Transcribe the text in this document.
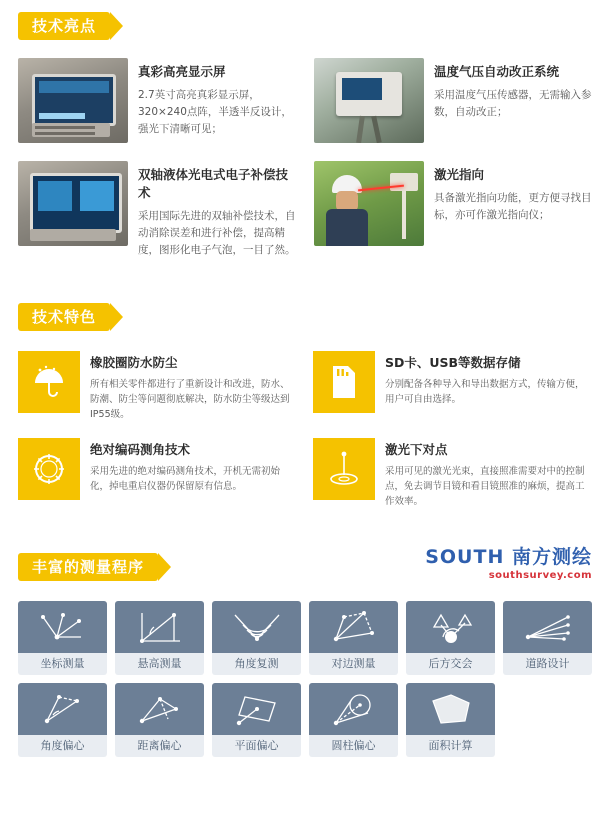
技术亮点
真彩高亮显示屏
2.7英寸高亮真彩显示屏，320×240点阵，半透半反设计，强光下清晰可见；
温度气压自动改正系统
采用温度气压传感器，无需输入参数，自动改正；
双轴液体光电式电子补偿技术
采用国际先进的双轴补偿技术，自动消除误差和进行补偿，提高精度，图形化电子气泡，一目了然。
激光指向
具备激光指向功能，更方便寻找目标，亦可作激光指向仪；
技术特色
橡胶圈防水防尘
所有相关零件都进行了重新设计和改进，防水、防潮、防尘等问题彻底解决，防水防尘等级达到IP55级。
SD卡、USB等数据存储
分别配备各种导入和导出数据方式，传输方便，用户可自由选择。
绝对编码测角技术
采用先进的绝对编码测角技术，开机无需初始化，掉电重启仪器仍保留原有信息。
激光下对点
采用可见的激光光束，直接照准需要对中的控制点，免去调节目镜和看目镜照准的麻烦，提高工作效率。
丰富的测量程序	SOUTH 南方测绘
southsurvey.com
坐标测量	悬高测量	角度复测	对边测量	后方交会	道路设计
角度偏心	距离偏心	平面偏心	圆柱偏心	面积计算
